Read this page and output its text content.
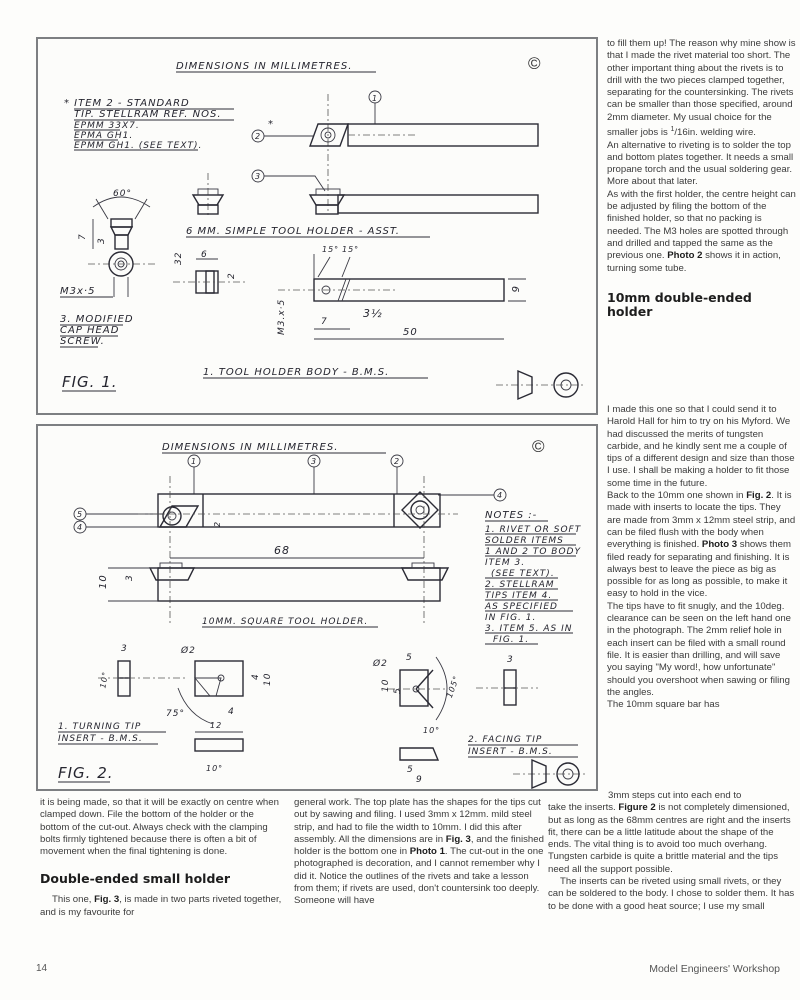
DIMENSIONS IN MILLIMETRES.	©
* ITEM 2 - STANDARD
TIP. STELLRAM REF. NOS.
EPMM 33X7.
EPMA GH1.
EPMM GH1. (SEE TEXT).
1
2
*
3
6 MM. SIMPLE TOOL HOLDER - ASST.
60°
7
3
M3x·5
3. MODIFIED
CAP HEAD
SCREW.
6
2
32
15° 15°
7
3½
50
6
M3.x·5
1. TOOL HOLDER BODY - B.M.S.
FIG. 1.
DIMENSIONS IN MILLIMETRES.	©
1	3	2
4
5
4	2
68
10 3
10MM. SQUARE TOOL HOLDER.
NOTES :-
1. RIVET OR SOFT
SOLDER ITEMS
1 AND 2 TO BODY
ITEM 3.
(SEE TEXT).
2. STELLRAM
TIPS ITEM 4.
AS SPECIFIED
IN FIG. 1.
3. ITEM 5. AS IN
FIG. 1.
3
10°
Ø2
75°	4
10
4
12
10°
1. TURNING TIP
INSERT - B.M.S.
5
Ø2
105°
10 5
10°
5
9
3
2. FACING TIP
INSERT - B.M.S.
FIG. 2.

to fill them up! The reason why mine show is that I made the rivet material too short. The other important thing about the rivets is to drill with the two pieces clamped together, separating for the countersinking. The rivets can be smaller than those specified, around 2mm diameter. My usual choice for the smaller jobs is $^1$/16in. welding wire.

An alternative to riveting is to solder the top and bottom plates together. It needs a small propane torch and the usual soldering gear. More about that later.

As with the first holder, the centre height can be adjusted by filing the bottom of the finished holder, so that no packing is needed. The M3 holes are spotted through and drilled and tapped the same as the previous one. Photo 2 shows it in action, turning some tube.

10mm double-ended holder

I made this one so that I could send it to Harold Hall for him to try on his Myford. We had discussed the merits of tungsten carbide, and he kindly sent me a couple of tips of a different design and size than those I use. I shall be making a holder to fit those some time in the future.

Back to the 10mm one shown in Fig. 2. It is made with inserts to locate the tips. They are made from 3mm x 12mm steel strip, and can be filed flush with the body when everything is finished. Photo 3 shows them filed ready for separating and finishing. It is always best to leave the piece as big as possible for as long as possible, to make it easy to hold in the vice.

The tips have to fit snugly, and the 10deg. clearance can be seen on the left hand one in the photograph. The 2mm relief hole in each insert can be filed with a small round file. It is easier than drilling, and will save you saying "My word!, how unfortunate" should you overshoot when sawing or filing the angles.

The 10mm square bar has

3mm steps cut into each end to

take the inserts. Figure 2 is not completely dimensioned, but as long as the 68mm centres are right and the inserts fit, there can be a little latitude about the shape of the ends. The vital thing is to avoid too much overhang. Tungsten carbide is quite a brittle material and the tips need all the support possible.

The inserts can be riveted using small rivets, or they can be soldered to the body. I chose to solder them. It has to be done with a good heat source; I use my small

it is being made, so that it will be exactly on centre when clamped down. File the bottom of the holder or the bottom of the cut-out. Always check with the clamping bolts firmly tightened because there is often a bit of movement when the final tightening is done.

Double-ended small holder

This one, Fig. 3, is made in two parts riveted together, and is my favourite for

general work. The top plate has the shapes for the tips cut out by sawing and filing. I used 3mm x 12mm. mild steel strip, and had to file the width to 10mm. I did this after assembly. All the dimensions are in Fig. 3, and the finished holder is the bottom one in Photo 1. The cut-out in the one photographed is decoration, and I cannot remember why I did it. Notice the outlines of the rivets and take a lesson from them; if rivets are used, don't countersink too deeply. Someone will have

14	Model Engineers' Workshop
